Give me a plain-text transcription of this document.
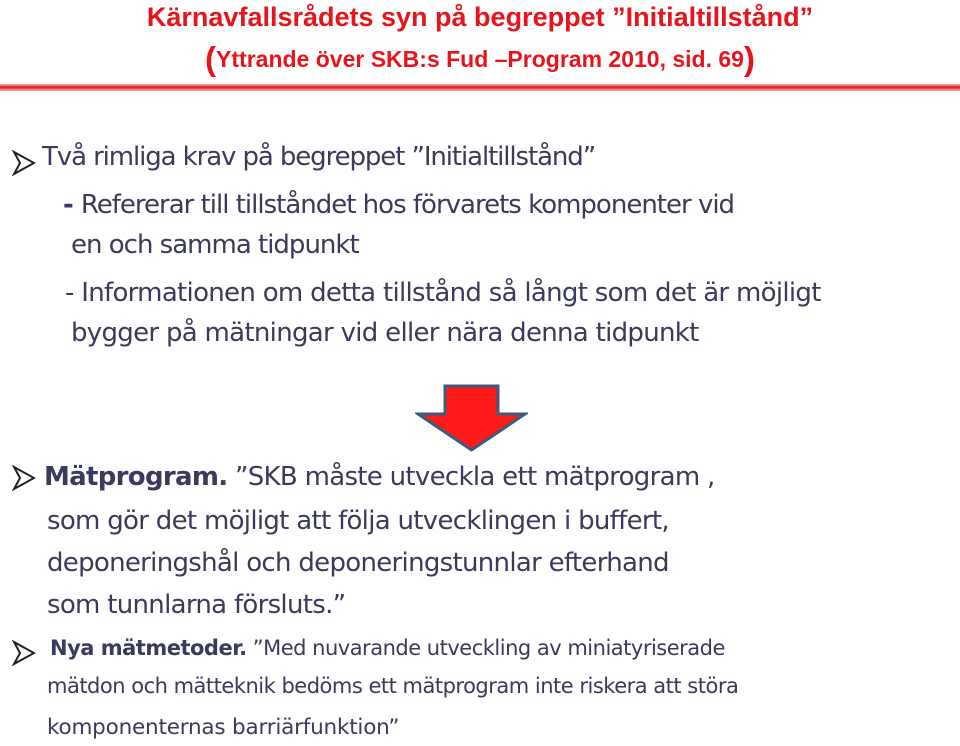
Kärnavfallsrådets syn på begreppet ”Initialtillstånd”
(Yttrande över SKB:s Fud –Program 2010, sid. 69)
Två rimliga krav på begreppet ”Initialtillstånd”
- Refererar till tillståndet hos förvarets komponenter vid
en och samma tidpunkt
- Informationen om detta tillstånd så långt som det är möjligt
bygger på mätningar vid eller nära denna tidpunkt
Mätprogram. ”SKB måste utveckla ett mätprogram ,
som gör det möjligt att följa utvecklingen i buffert,
deponeringshål och deponeringstunnlar efterhand
som tunnlarna försluts.”
Nya mätmetoder. ”Med nuvarande utveckling av miniatyriserade
mätdon och mätteknik bedöms ett mätprogram inte riskera att störa
komponenternas barriärfunktion”
